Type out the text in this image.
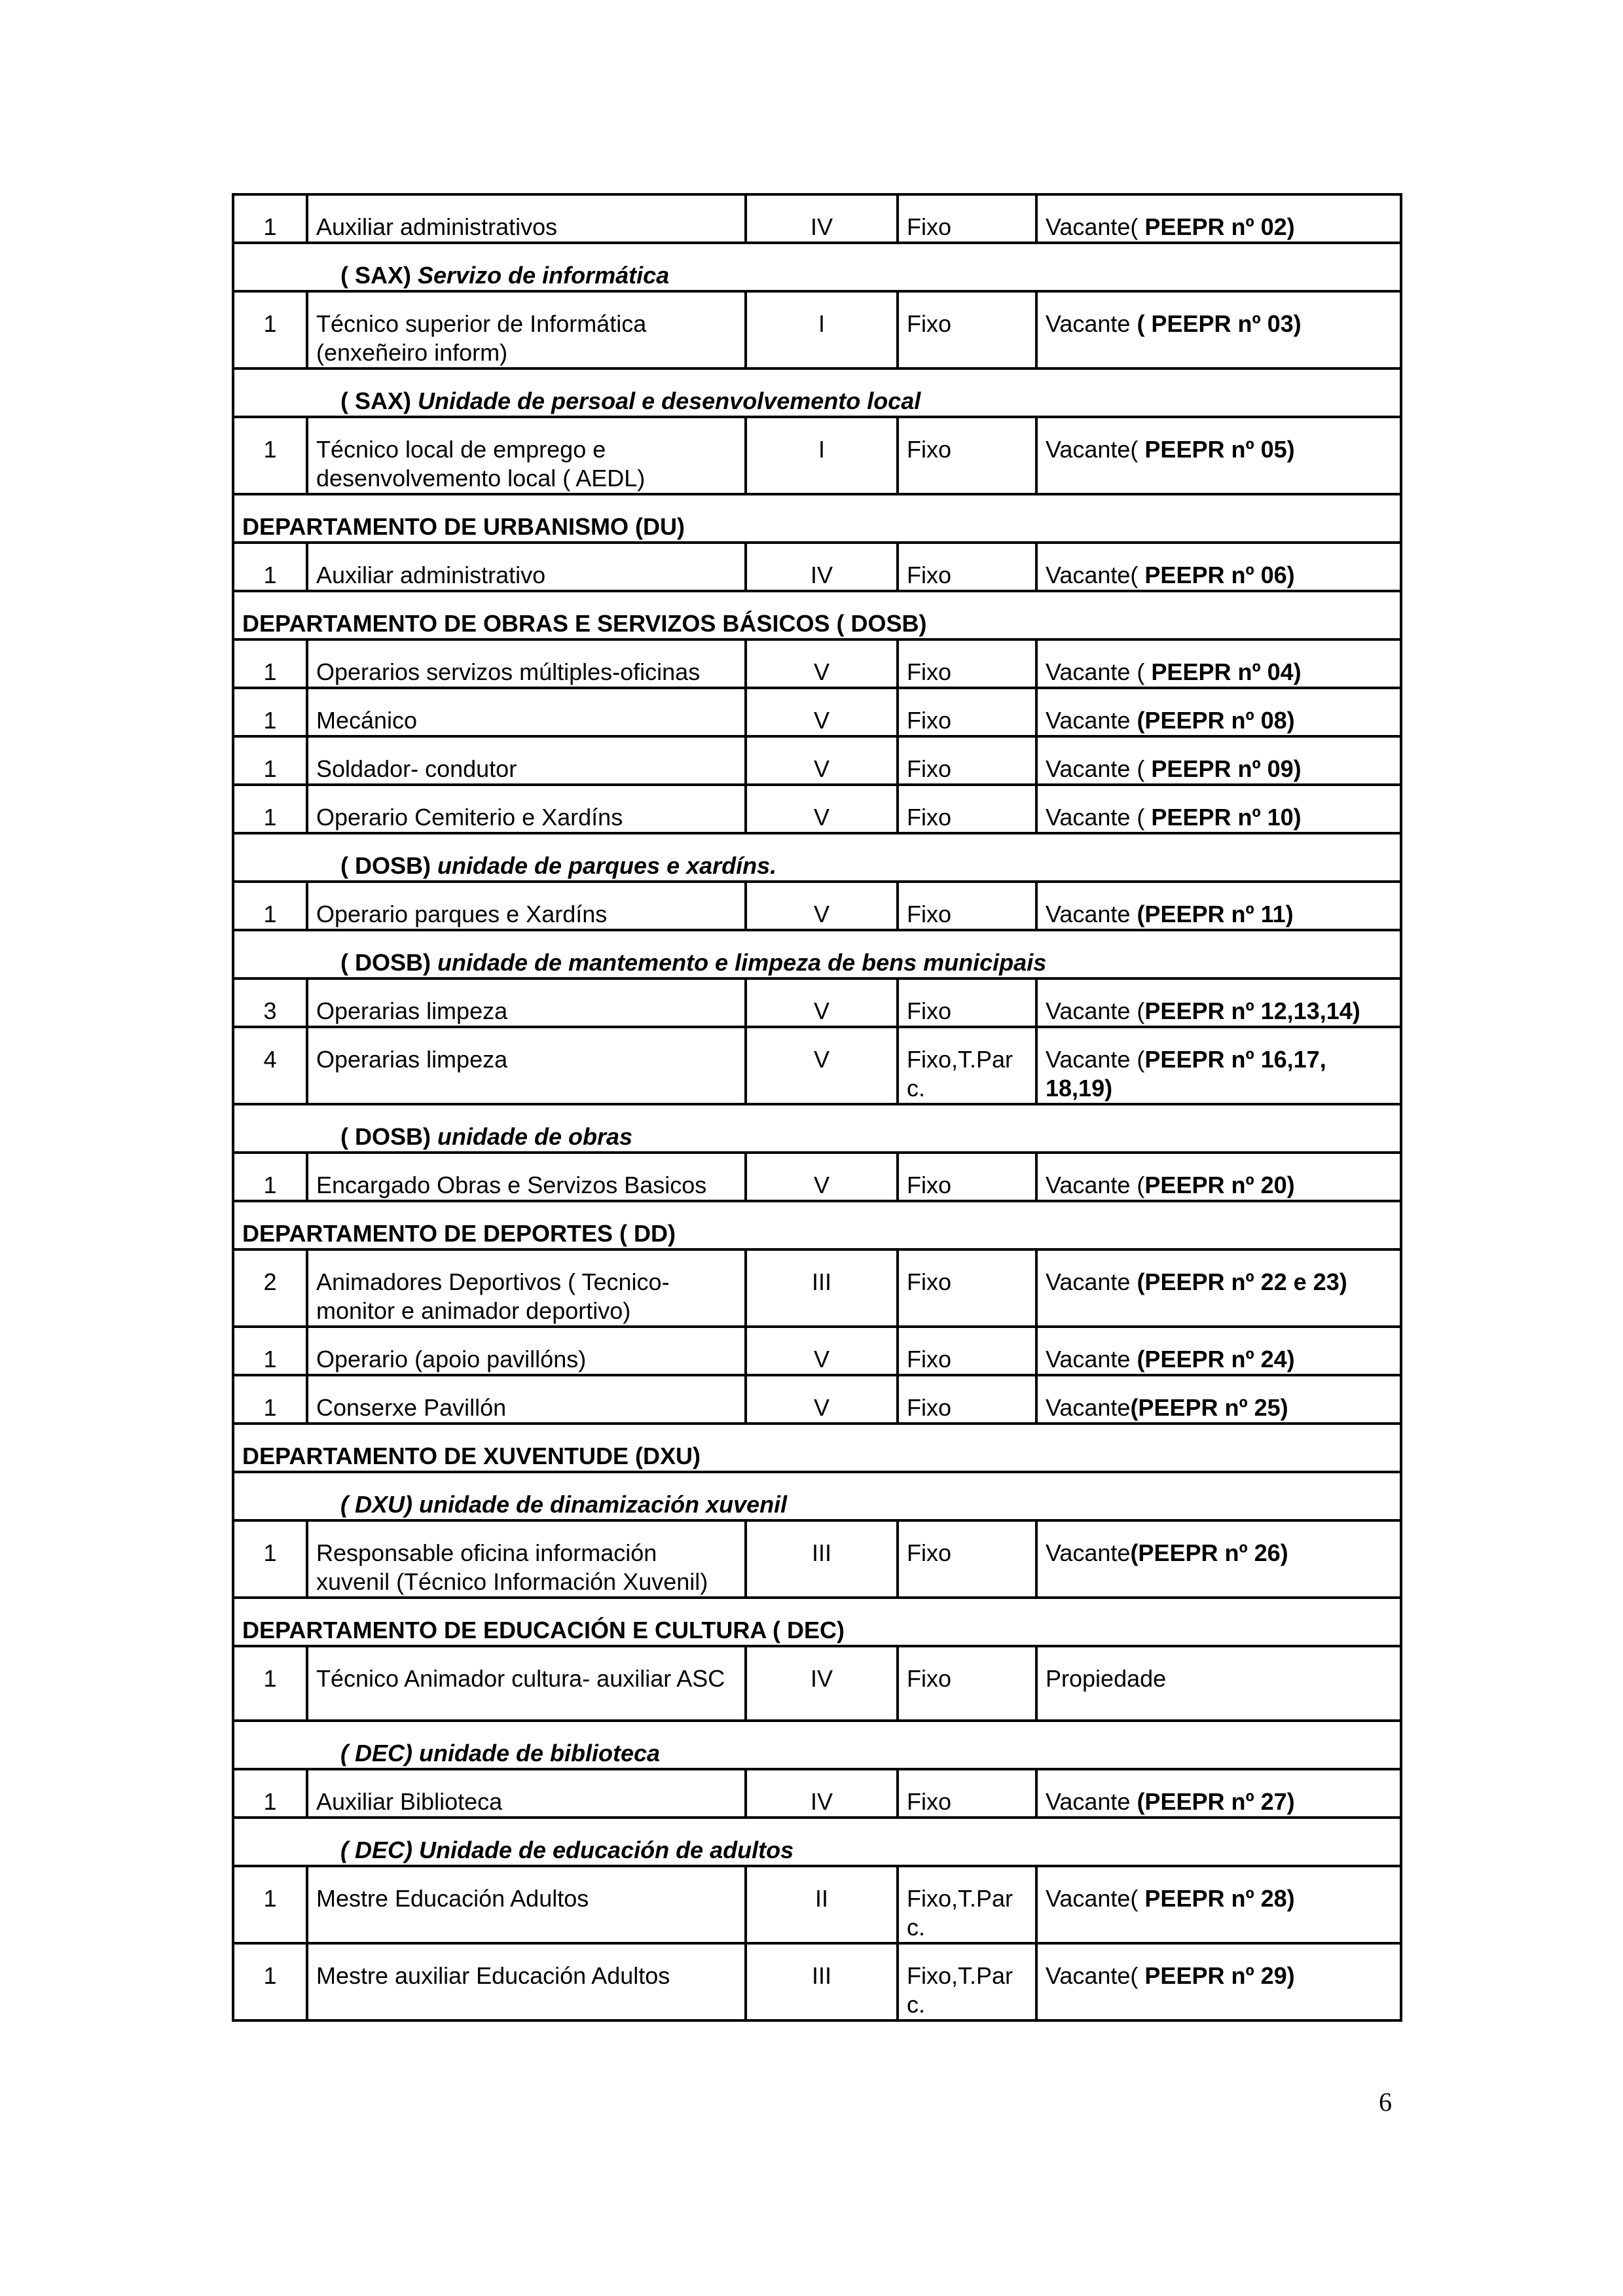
1	Auxiliar administrativos	IV	Fixo	Vacante( PEEPR nº 02)
( SAX) Servizo de informática				
1	Técnico superior de Informática (enxeñeiro inform)	I	Fixo	Vacante ( PEEPR nº 03)
( SAX) Unidade de persoal e desenvolvemento local				
1	Técnico local de emprego e desenvolvemento local ( AEDL)	I	Fixo	Vacante( PEEPR nº 05)
DEPARTAMENTO DE URBANISMO (DU)				
1	Auxiliar administrativo	IV	Fixo	Vacante( PEEPR nº 06)
DEPARTAMENTO DE OBRAS E SERVIZOS BÁSICOS ( DOSB)				
1	Operarios servizos múltiples-oficinas	V	Fixo	Vacante ( PEEPR nº 04)
1	Mecánico	V	Fixo	Vacante (PEEPR nº 08)
1	Soldador- condutor	V	Fixo	Vacante ( PEEPR nº 09)
1	Operario Cemiterio e Xardíns	V	Fixo	Vacante ( PEEPR nº 10)
( DOSB) unidade de parques e xardíns.				
1	Operario parques e Xardíns	V	Fixo	Vacante (PEEPR nº 11)
( DOSB) unidade de mantemento e limpeza de bens municipais				
3	Operarias limpeza	V	Fixo	Vacante (PEEPR nº 12,13,14)
4	Operarias limpeza	V	Fixo,T.Par c.	Vacante (PEEPR nº 16,17, 18,19)
( DOSB) unidade de obras				
1	Encargado Obras e Servizos Basicos	V	Fixo	Vacante (PEEPR nº 20)
DEPARTAMENTO DE DEPORTES ( DD)				
2	Animadores Deportivos ( Tecnico-monitor e animador deportivo)	III	Fixo	Vacante (PEEPR nº 22 e 23)
1	Operario (apoio pavillóns)	V	Fixo	Vacante (PEEPR nº 24)
1	Conserxe Pavillón	V	Fixo	Vacante(PEEPR nº 25)
DEPARTAMENTO DE XUVENTUDE (DXU)				
( DXU) unidade de dinamización xuvenil				
1	Responsable oficina información xuvenil (Técnico Información Xuvenil)	III	Fixo	Vacante(PEEPR nº 26)
DEPARTAMENTO DE EDUCACIÓN E CULTURA ( DEC)				
1	Técnico Animador cultura- auxiliar ASC	IV	Fixo	Propiedade
( DEC) unidade de biblioteca				
1	Auxiliar Biblioteca	IV	Fixo	Vacante (PEEPR nº 27)
( DEC) Unidade de educación de adultos				
1	Mestre Educación Adultos	II	Fixo,T.Par c.	Vacante( PEEPR nº 28)
1	Mestre auxiliar Educación Adultos	III	Fixo,T.Par c.	Vacante( PEEPR nº 29)
6
